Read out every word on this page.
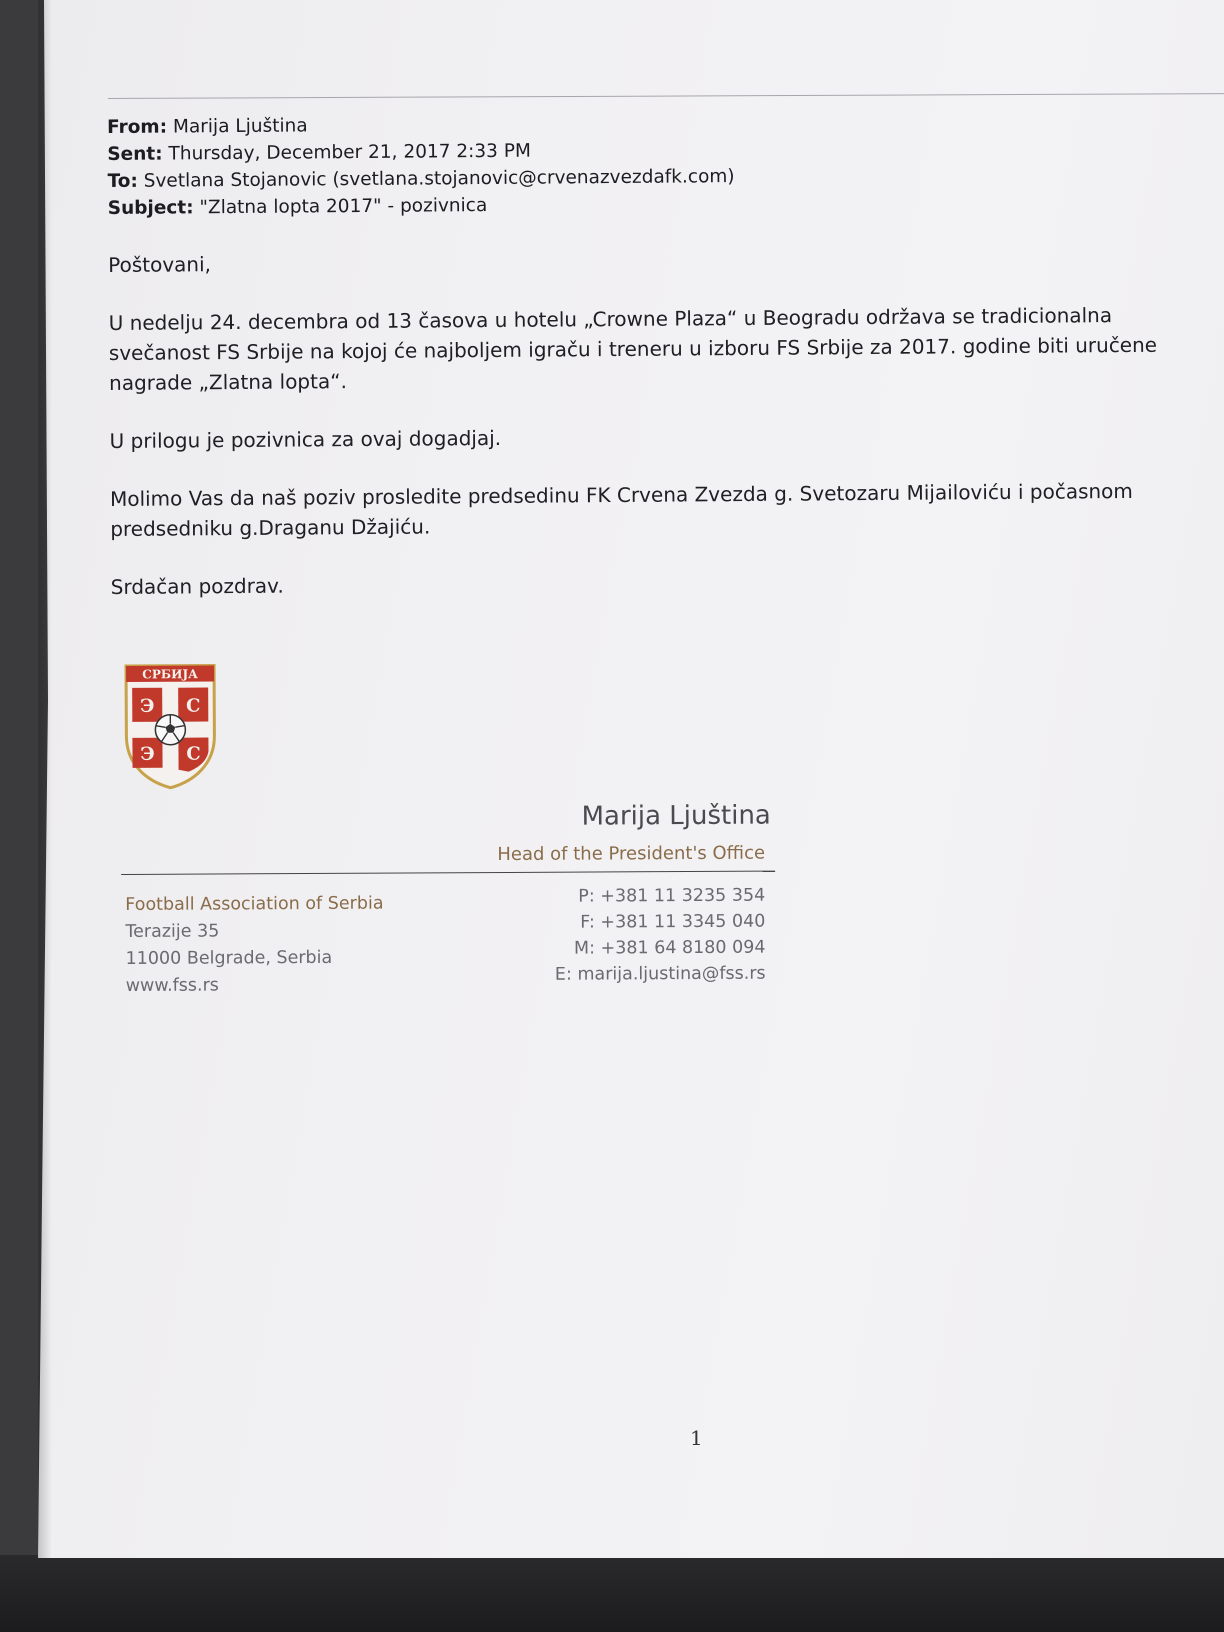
From: Marija Ljuština
Sent: Thursday, December 21, 2017 2:33 PM
To: Svetlana Stojanovic (svetlana.stojanovic@crvenazvezdafk.com)
Subject: "Zlatna lopta 2017" - pozivnica

Poštovani,

U nedelju 24. decembra od 13 časova u hotelu „Crowne Plaza“ u Beogradu održava se tradicionalna svečanost FS Srbije na kojoj će najboljem igraču i treneru u izboru FS Srbije za 2017. godine biti uručene nagrade „Zlatna lopta“.

U prilogu je pozivnica za ovaj dogadjaj.

Molimo Vas da naš poziv prosledite predsedinu FK Crvena Zvezda g. Svetozaru Mijailoviću i počasnom predsedniku g.Draganu Džajiću.

Srdačan pozdrav.

СРБИЈА
Э С
Э С
Marija Ljuština
Head of the President's Office
Football Association of Serbia
Terazije 35
11000 Belgrade, Serbia
www.fss.rs
P: +381 11 3235 354
F: +381 11 3345 040
M: +381 64 8180 094
E: marija.ljustina@fss.rs
1
